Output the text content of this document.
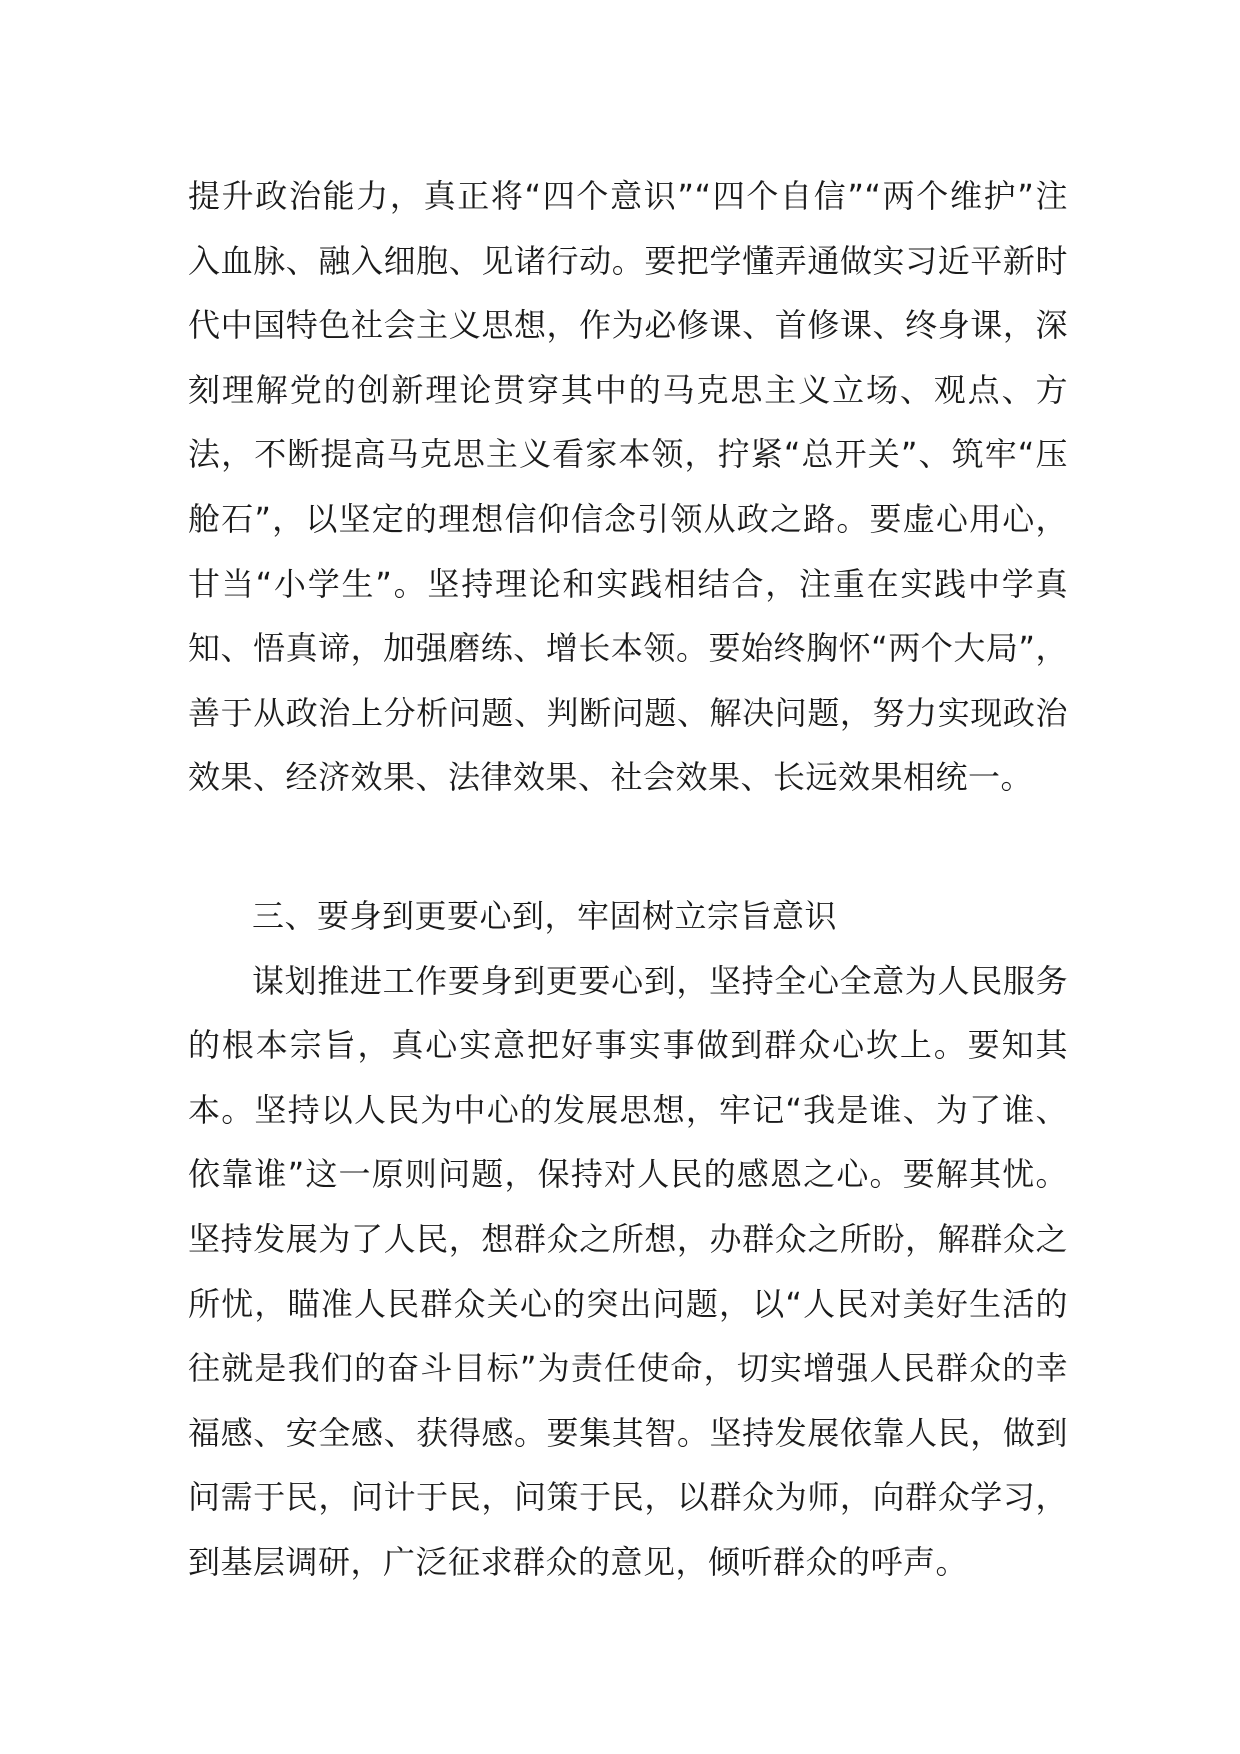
提升政治能力，真正将“四个意识”“四个自信”“两个维护”注入血脉、融入细胞、见诸行动。要把学懂弄通做实习近平新时代中国特色社会主义思想，作为必修课、首修课、终身课，深刻理解党的创新理论贯穿其中的马克思主义立场、观点、方法，不断提高马克思主义看家本领，拧紧“总开关”、筑牢“压舱石”，以坚定的理想信仰信念引领从政之路。要虚心用心，甘当“小学生”。坚持理论和实践相结合，注重在实践中学真知、悟真谛，加强磨练、增长本领。要始终胸怀“两个大局”，善于从政治上分析问题、判断问题、解决问题，努力实现政治效果、经济效果、法律效果、社会效果、长远效果相统一。

三、要身到更要心到，牢固树立宗旨意识

谋划推进工作要身到更要心到，坚持全心全意为人民服务的根本宗旨，真心实意把好事实事做到群众心坎上。要知其本。坚持以人民为中心的发展思想，牢记“我是谁、为了谁、依靠谁”这一原则问题，保持对人民的感恩之心。要解其忧。坚持发展为了人民，想群众之所想，办群众之所盼，解群众之所忧，瞄准人民群众关心的突出问题，以“人民对美好生活的往就是我们的奋斗目标”为责任使命，切实增强人民群众的幸福感、安全感、获得感。要集其智。坚持发展依靠人民，做到问需于民，问计于民，问策于民，以群众为师，向群众学习，到基层调研，广泛征求群众的意见，倾听群众的呼声。
